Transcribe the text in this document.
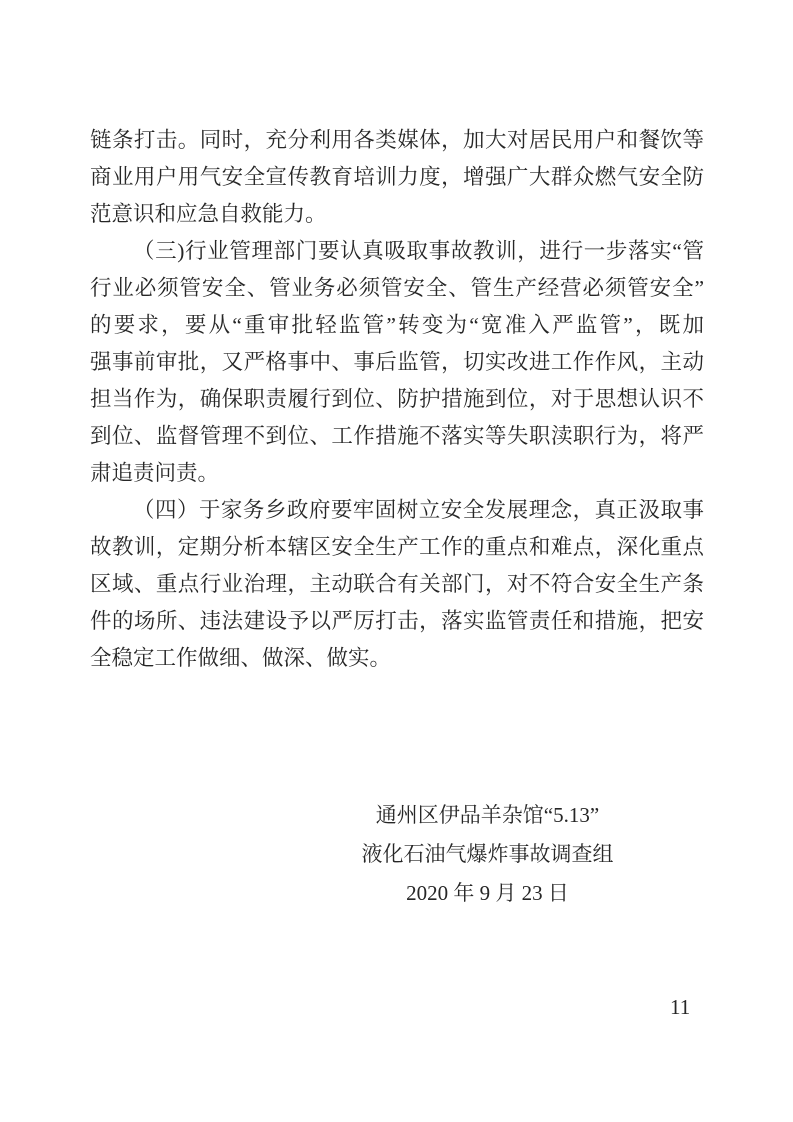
链条打击。同时，充分利用各类媒体，加大对居民用户和餐饮等
商业用户用气安全宣传教育培训力度，增强广大群众燃气安全防
范意识和应急自救能力。
（三)行业管理部门要认真吸取事故教训，进行一步落实“管
行业必须管安全、管业务必须管安全、管生产经营必须管安全”
的要求，要从“重审批轻监管”转变为“宽准入严监管”，既加
强事前审批，又严格事中、事后监管，切实改进工作作风，主动
担当作为，确保职责履行到位、防护措施到位，对于思想认识不
到位、监督管理不到位、工作措施不落实等失职渎职行为，将严
肃追责问责。
（四）于家务乡政府要牢固树立安全发展理念，真正汲取事
故教训，定期分析本辖区安全生产工作的重点和难点，深化重点
区域、重点行业治理，主动联合有关部门，对不符合安全生产条
件的场所、违法建设予以严厉打击，落实监管责任和措施，把安
全稳定工作做细、做深、做实。
通州区伊品羊杂馆“5.13”
液化石油气爆炸事故调查组
2020 年 9 月 23 日
11
